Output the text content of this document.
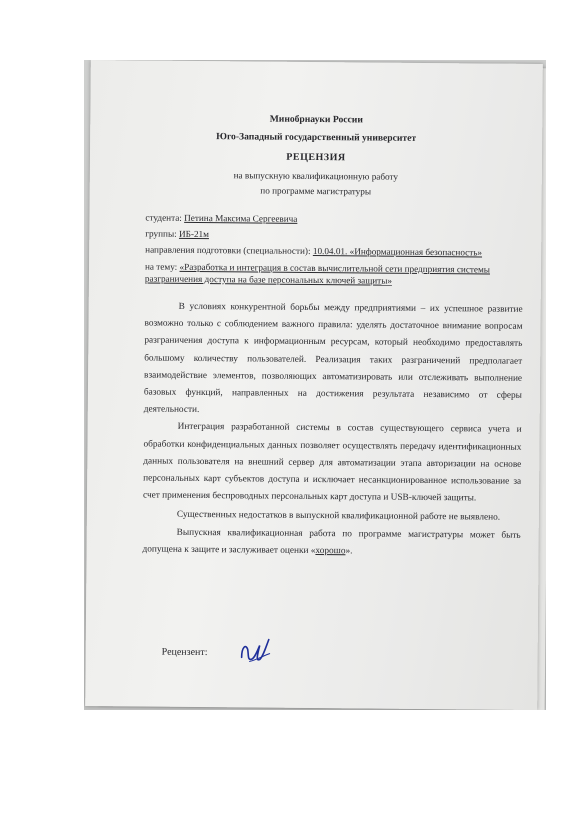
Минобрнауки России
Юго-Западный государственный университет
РЕЦЕНЗИЯ
на выпускную квалификационную работу
по программе магистратуры
студента: Петина Максима Сергеевича
группы: ИБ-21м
направления подготовки (специальности): 10.04.01. «Информационная безопасность»
на тему: «Разработка и интеграция в состав вычислительной сети предприятия системы
разграничения доступа на базе персональных ключей защиты»

В условиях конкурентной борьбы между предприятиями – их успешное развитие возможно только с соблюдением важного правила: уделять достаточное внимание вопросам разграничения доступа к информационным ресурсам, который необходимо предоставлять большому количеству пользователей. Реализация таких разграничений предполагает взаимодействие элементов, позволяющих автоматизировать или отслеживать выполнение базовых функций, направленных на достижения результата независимо от сферы деятельности.

Интеграция разработанной системы в состав существующего сервиса учета и обработки конфиденциальных данных позволяет осуществлять передачу идентификационных данных пользователя на внешний сервер для автоматизации этапа авторизации на основе персональных карт субъектов доступа и исключает несанкционированное использование за счет применения беспроводных персональных карт доступа и USB-ключей защиты.

Существенных недостатков в выпускной квалификационной работе не выявлено.

Выпускная квалификационная работа по программе магистратуры может быть допущена к защите и заслуживает оценки «хорошо».

Рецензент:
